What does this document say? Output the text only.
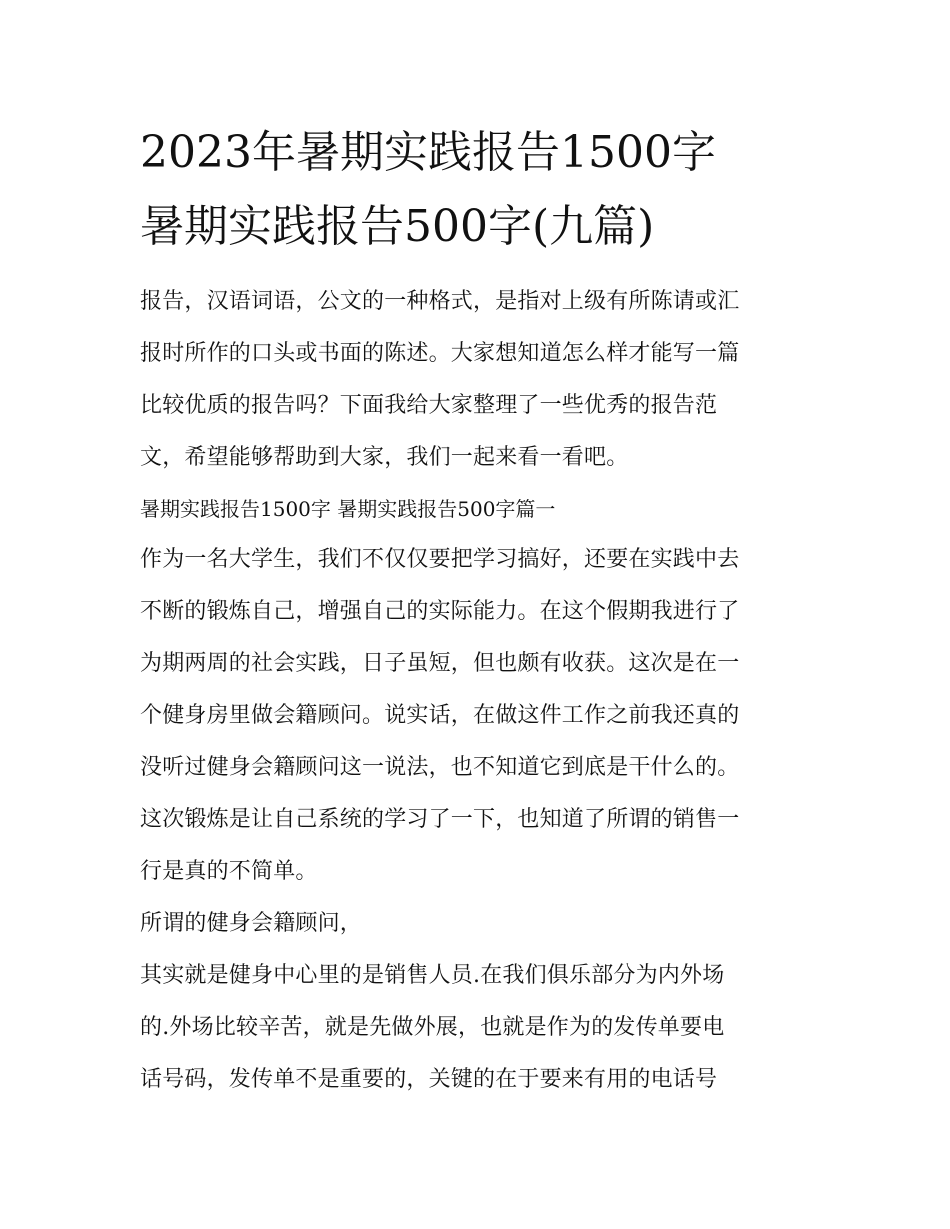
2023年暑期实践报告1500字
暑期实践报告500字(九篇)

报告，汉语词语，公文的一种格式，是指对上级有所陈请或汇
报时所作的口头或书面的陈述。大家想知道怎么样才能写一篇
比较优质的报告吗？下面我给大家整理了一些优秀的报告范
文，希望能够帮助到大家，我们一起来看一看吧。

暑期实践报告1500字 暑期实践报告500字篇一

作为一名大学生，我们不仅仅要把学习搞好，还要在实践中去
不断的锻炼自己，增强自己的实际能力。在这个假期我进行了
为期两周的社会实践，日子虽短，但也颇有收获。这次是在一
个健身房里做会籍顾问。说实话，在做这件工作之前我还真的
没听过健身会籍顾问这一说法，也不知道它到底是干什么的。
这次锻炼是让自己系统的学习了一下，也知道了所谓的销售一
行是真的不简单。

所谓的健身会籍顾问，

其实就是健身中心里的是销售人员.在我们俱乐部分为内外场
的.外场比较辛苦，就是先做外展，也就是作为的发传单要电
话号码，发传单不是重要的，关键的在于要来有用的电话号
